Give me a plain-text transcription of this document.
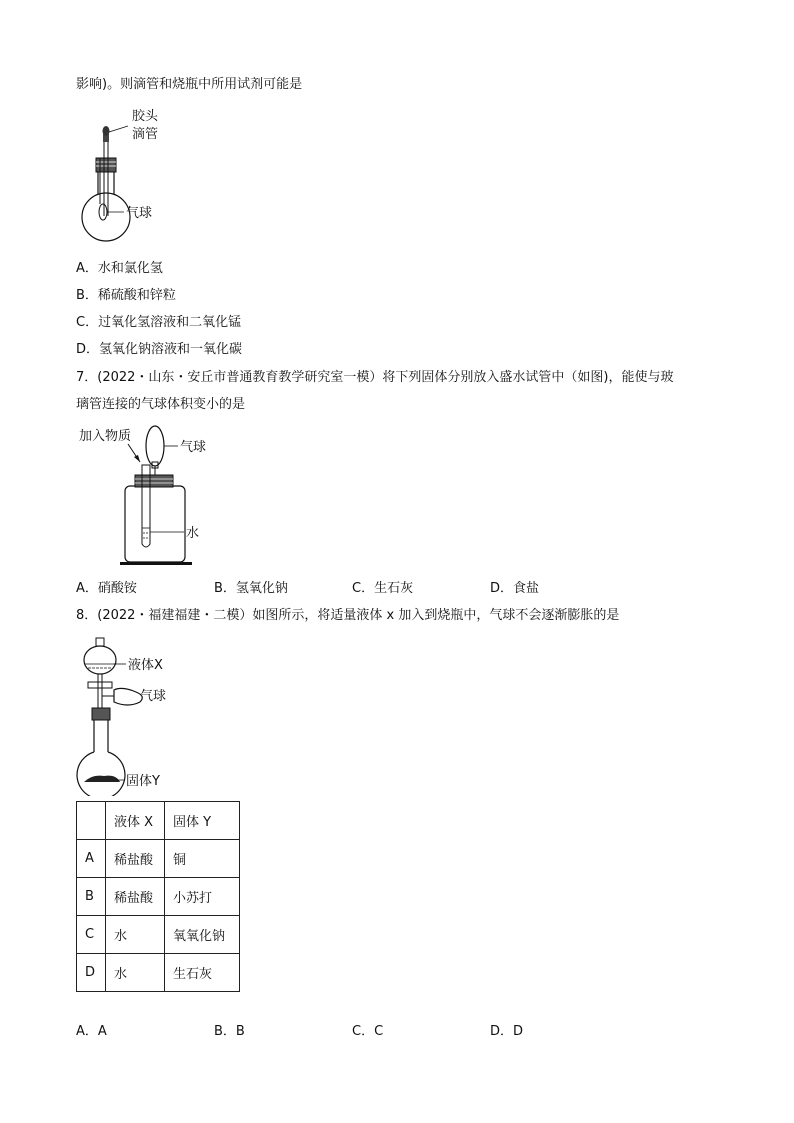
影响)。则滴管和烧瓶中所用试剂可能是
胶头
滴管
气球
A．水和氯化氢
B．稀硫酸和锌粒
C．过氧化氢溶液和二氧化锰
D．氢氧化钠溶液和一氧化碳
7．(2022・山东・安丘市普通教育教学研究室一模）将下列固体分别放入盛水试管中（如图)，能使与玻
璃管连接的气球体积变小的是
加入物质
气球
水
A．硝酸铵	B．氢氧化钠	C．生石灰	D．食盐
8．(2022・福建福建・二模）如图所示，将适量液体 x 加入到烧瓶中，气球不会逐渐膨胀的是
液体X
气球
固体Y
	液体 X	固体 Y
A	稀盐酸	铜
B	稀盐酸	小苏打
C	水	氧氧化钠
D	水	生石灰
A．A	B．B	C．C	D．D
